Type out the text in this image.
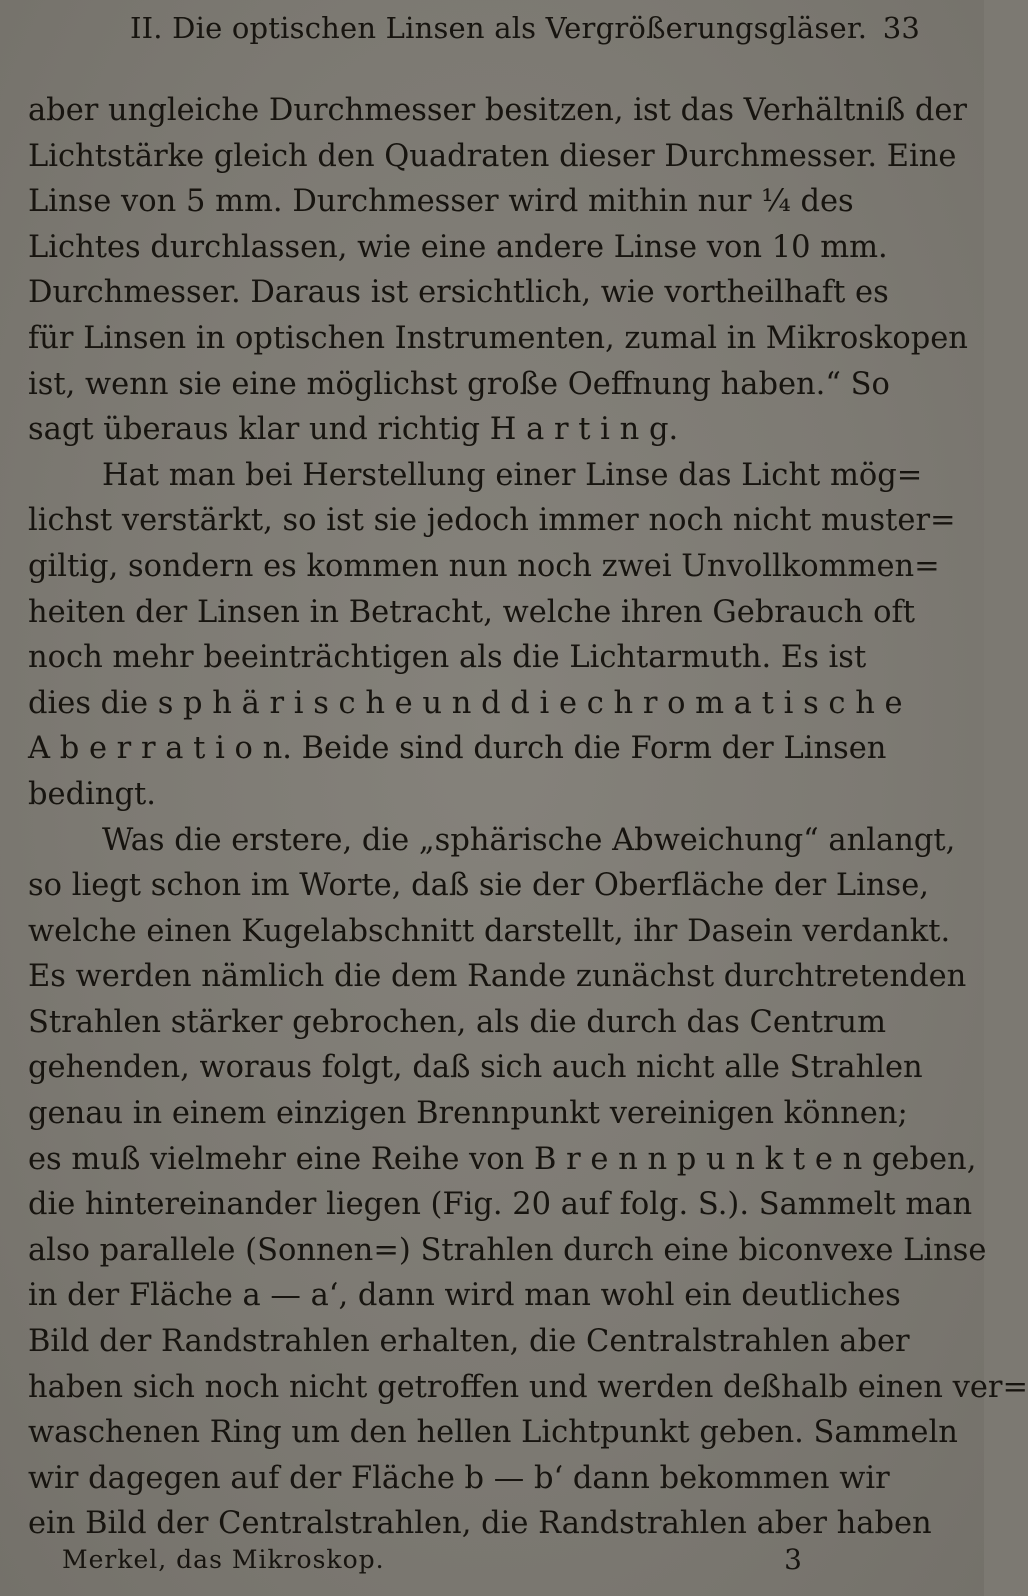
II. Die optischen Linsen als Vergrößerungsgläser. 33
aber ungleiche Durchmesser besitzen, ist das Verhältniß der
Lichtstärke gleich den Quadraten dieser Durchmesser. Eine
Linse von 5 mm. Durchmesser wird mithin nur ¼ des
Lichtes durchlassen, wie eine andere Linse von 10 mm.
Durchmesser. Daraus ist ersichtlich, wie vortheilhaft es
für Linsen in optischen Instrumenten, zumal in Mikroskopen
ist, wenn sie eine möglichst große Oeffnung haben.“ So
sagt überaus klar und richtig H a r t i n g.
Hat man bei Herstellung einer Linse das Licht mög=
lichst verstärkt, so ist sie jedoch immer noch nicht muster=
giltig, sondern es kommen nun noch zwei Unvollkommen=
heiten der Linsen in Betracht, welche ihren Gebrauch oft
noch mehr beeinträchtigen als die Lichtarmuth. Es ist
dies die s p h ä r i s c h e u n d d i e c h r o m a t i s c h e
A b e r r a t i o n. Beide sind durch die Form der Linsen
bedingt.
Was die erstere, die „sphärische Abweichung“ anlangt,
so liegt schon im Worte, daß sie der Oberfläche der Linse,
welche einen Kugelabschnitt darstellt, ihr Dasein verdankt.
Es werden nämlich die dem Rande zunächst durchtretenden
Strahlen stärker gebrochen, als die durch das Centrum
gehenden, woraus folgt, daß sich auch nicht alle Strahlen
genau in einem einzigen Brennpunkt vereinigen können;
es muß vielmehr eine Reihe von B r e n n p u n k t e n geben,
die hintereinander liegen (Fig. 20 auf folg. S.). Sammelt man
also parallele (Sonnen=) Strahlen durch eine biconvexe Linse
in der Fläche a — a‘, dann wird man wohl ein deutliches
Bild der Randstrahlen erhalten, die Centralstrahlen aber
haben sich noch nicht getroffen und werden deßhalb einen ver=
waschenen Ring um den hellen Lichtpunkt geben. Sammeln
wir dagegen auf der Fläche b — b‘ dann bekommen wir
ein Bild der Centralstrahlen, die Randstrahlen aber haben
Merkel, das Mikroskop.	3
